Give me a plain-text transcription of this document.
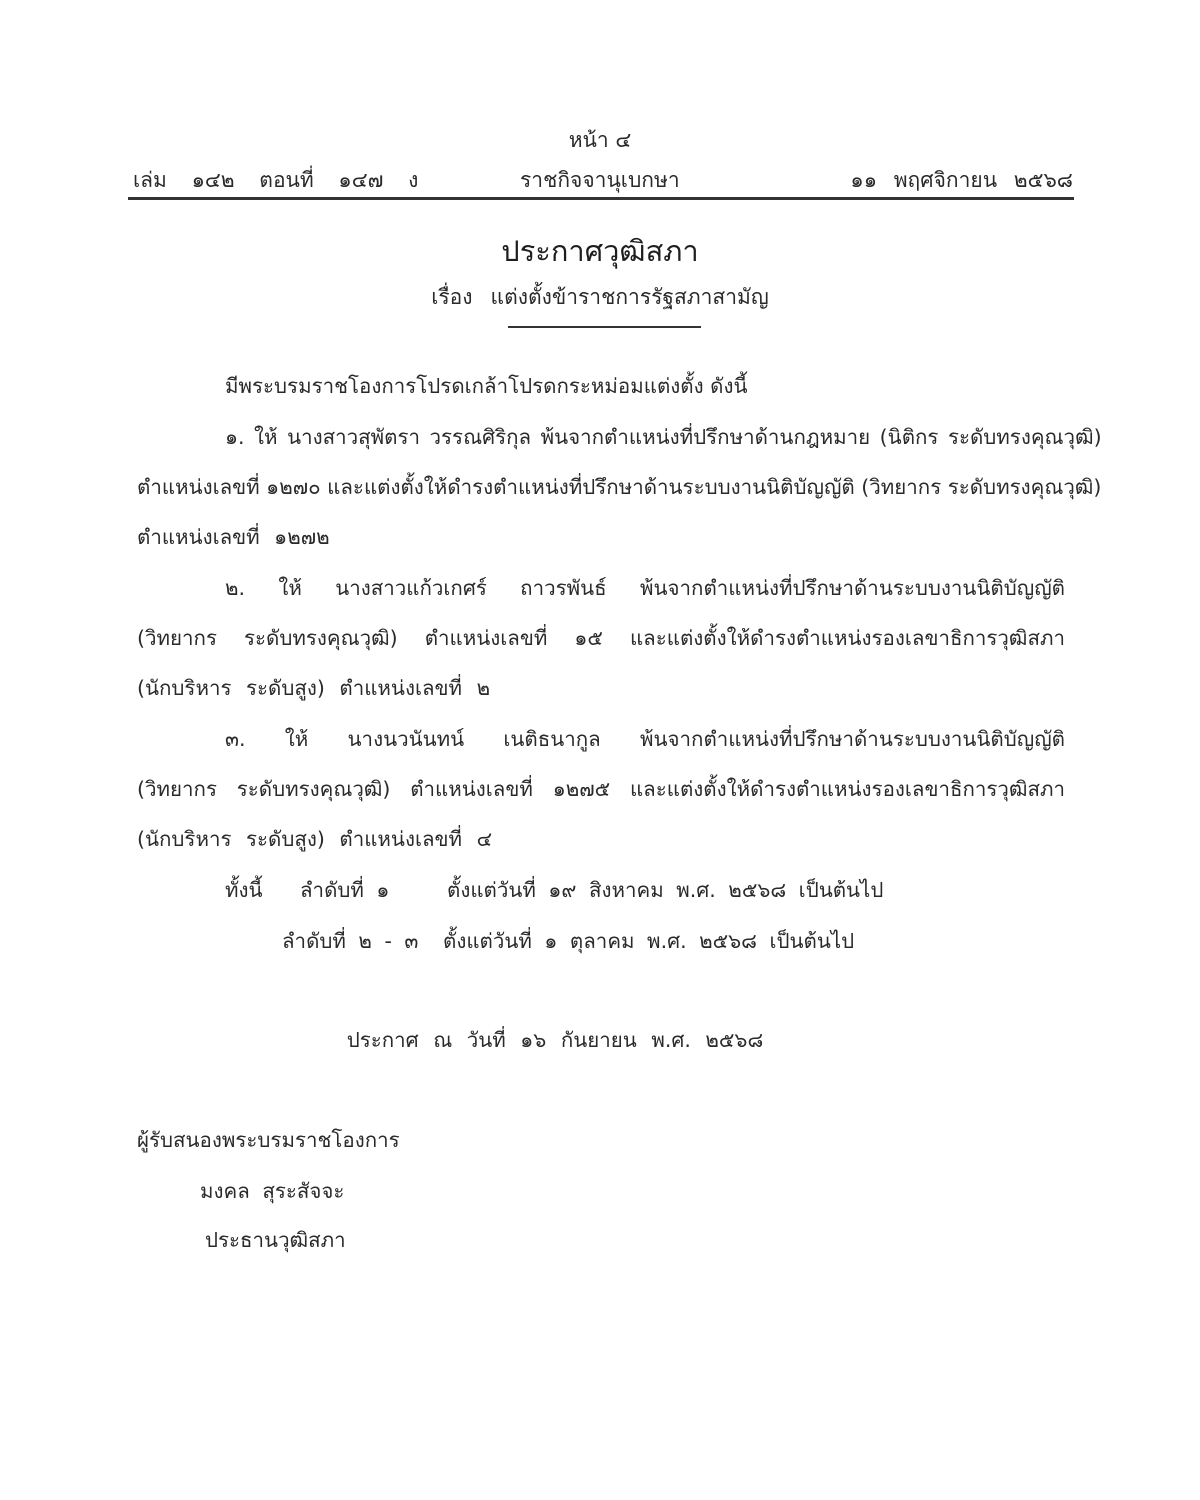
หน้า ๔
เล่ม ๑๔๒ ตอนที่ ๑๔๗ ง	ราชกิจจานุเบกษา	๑๑ พฤศจิกายน ๒๕๖๘
ประกาศวุฒิสภา
เรื่อง แต่งตั้งข้าราชการรัฐสภาสามัญ
มีพระบรมราชโองการโปรดเกล้าโปรดกระหม่อมแต่งตั้ง ดังนี้
๑. ให้ นางสาวสุพัตรา วรรณศิริกุล พ้นจากตำแหน่งที่ปรึกษาด้านกฎหมาย (นิติกร ระดับทรงคุณวุฒิ)
ตำแหน่งเลขที่ ๑๒๗๐ และแต่งตั้งให้ดำรงตำแหน่งที่ปรึกษาด้านระบบงานนิติบัญญัติ (วิทยากร ระดับทรงคุณวุฒิ)
ตำแหน่งเลขที่ ๑๒๗๒
๒. ให้ นางสาวแก้วเกศร์ ถาวรพันธ์ พ้นจากตำแหน่งที่ปรึกษาด้านระบบงานนิติบัญญัติ
(วิทยากร ระดับทรงคุณวุฒิ) ตำแหน่งเลขที่ ๑๕ และแต่งตั้งให้ดำรงตำแหน่งรองเลขาธิการวุฒิสภา
(นักบริหาร ระดับสูง) ตำแหน่งเลขที่ ๒
๓. ให้ นางนวนันทน์ เนติธนากูล พ้นจากตำแหน่งที่ปรึกษาด้านระบบงานนิติบัญญัติ
(วิทยากร ระดับทรงคุณวุฒิ) ตำแหน่งเลขที่ ๑๒๗๕ และแต่งตั้งให้ดำรงตำแหน่งรองเลขาธิการวุฒิสภา
(นักบริหาร ระดับสูง) ตำแหน่งเลขที่ ๔
ทั้งนี้ ลำดับที่ ๑	ตั้งแต่วันที่ ๑๙ สิงหาคม พ.ศ. ๒๕๖๘ เป็นต้นไป
ลำดับที่ ๒ - ๓ ตั้งแต่วันที่ ๑ ตุลาคม พ.ศ. ๒๕๖๘ เป็นต้นไป
ประกาศ ณ วันที่ ๑๖ กันยายน พ.ศ. ๒๕๖๘
ผู้รับสนองพระบรมราชโองการ
มงคล สุระสัจจะ
ประธานวุฒิสภา
